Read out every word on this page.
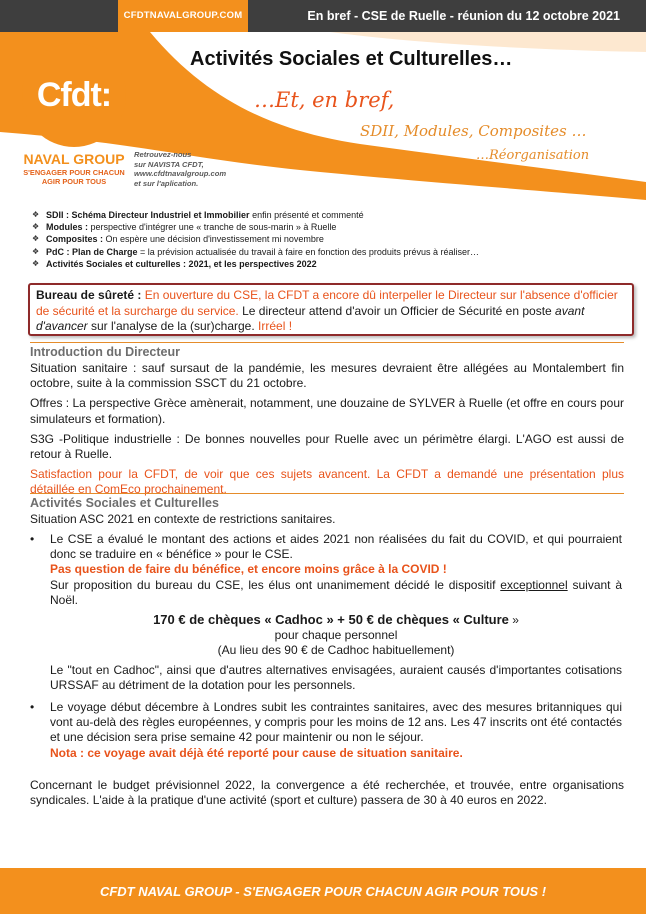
CFDTNAVALGROUP.COM	En bref - CSE de Ruelle - réunion du 12 octobre 2021
Cfdt:
NAVAL GROUP
S'ENGAGER POUR CHACUN
AGIR POUR TOUS
Retrouvez-nous
sur NAVISTA CFDT,
www.cfdtnavalgroup.com
et sur l'aplication.
Activités Sociales et Culturelles…
…Et, en bref,
SDII, Modules, Composites …
…Réorganisation
❖ SDII : Schéma Directeur Industriel et Immobilier enfin présenté et commenté
❖ Modules : perspective d'intégrer une « tranche de sous-marin » à Ruelle
❖ Composites : On espère une décision d'investissement mi novembre
❖ PdC : Plan de Charge = la prévision actualisée du travail à faire en fonction des produits prévus à réaliser…
❖ Activités Sociales et culturelles : 2021, et les perspectives 2022
Bureau de sûreté : En ouverture du CSE, la CFDT a encore dû interpeller le Directeur sur l'absence d'officier de sécurité et la surcharge du service. Le directeur attend d'avoir un Officier de Sécurité en poste avant d'avancer sur l'analyse de la (sur)charge. Irréel !
Introduction du Directeur
Situation sanitaire : sauf sursaut de la pandémie, les mesures devraient être allégées au Montalembert fin octobre, suite à la commission SSCT du 21 octobre.
Offres : La perspective Grèce amènerait, notamment, une douzaine de SYLVER à Ruelle (et offre en cours pour simulateurs et formation).
S3G -Politique industrielle : De bonnes nouvelles pour Ruelle avec un périmètre élargi. L'AGO est aussi de retour à Ruelle.
Satisfaction pour la CFDT, de voir que ces sujets avancent. La CFDT a demandé une présentation plus détaillée en ComEco prochainement.
Activités Sociales et Culturelles
Situation ASC 2021 en contexte de restrictions sanitaires.
• Le CSE a évalué le montant des actions et aides 2021 non réalisées du fait du COVID, et qui pourraient donc se traduire en « bénéfice » pour le CSE.
Pas question de faire du bénéfice, et encore moins grâce à la COVID !
Sur proposition du bureau du CSE, les élus ont unanimement décidé le dispositif exceptionnel suivant à Noël.
170 € de chèques « Cadhoc » + 50 € de chèques « Culture »
pour chaque personnel
(Au lieu des 90 € de Cadhoc habituellement)
Le "tout en Cadhoc", ainsi que d'autres alternatives envisagées, auraient causés d'importantes cotisations URSSAF au détriment de la dotation pour les personnels.
• Le voyage début décembre à Londres subit les contraintes sanitaires, avec des mesures britanniques qui vont au-delà des règles européennes, y compris pour les moins de 12 ans. Les 47 inscrits ont été contactés et une décision sera prise semaine 42 pour maintenir ou non le séjour.
Nota : ce voyage avait déjà été reporté pour cause de situation sanitaire.
Concernant le budget prévisionnel 2022, la convergence a été recherchée, et trouvée, entre organisations syndicales. L'aide à la pratique d'une activité (sport et culture) passera de 30 à 40 euros en 2022.
CFDT NAVAL GROUP - S'ENGAGER POUR CHACUN AGIR POUR TOUS !
